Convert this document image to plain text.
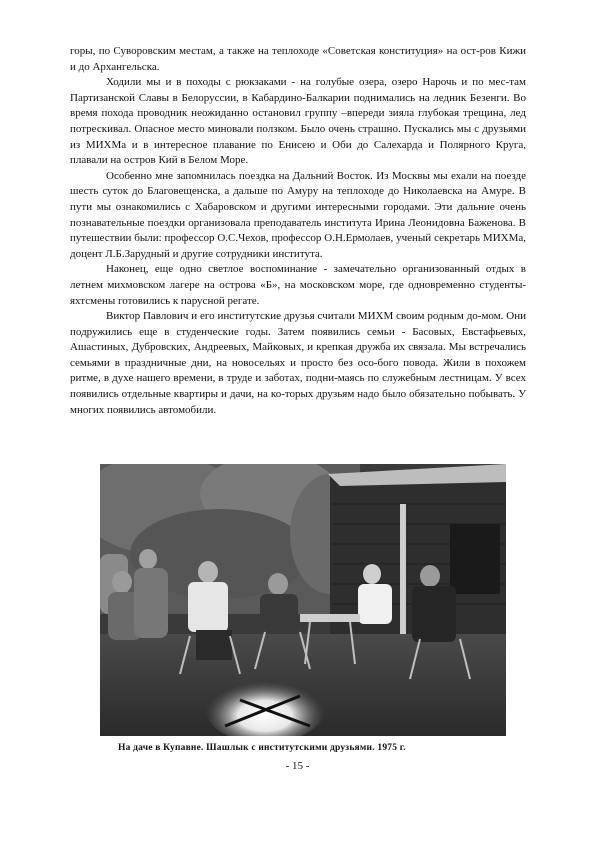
горы, по Суворовским местам, а также на теплоходе «Советская конституция» на ост-ров Кижи и до Архангельска.

Ходили мы и в походы с рюкзаками - на голубые озера, озеро Нарочь и по мес-там Партизанской Славы в Белоруссии, в Кабардино-Балкарии поднимались на ледник Безенги. Во время похода проводник неожиданно остановил группу –впереди зияла глубокая трещина, лед потрескивал. Опасное место миновали ползком. Было очень страшно. Пускались мы с друзьями из МИХМа и в интересное плавание по Енисею и Оби до Салехарда и Полярного Круга, плавали на остров Кий в Белом Море.

Особенно мне запомнилась поездка на Дальний Восток. Из Москвы мы ехали на поезде шесть суток до Благовещенска, а дальше по Амуру на теплоходе до Николаевска на Амуре. В пути мы ознакомились с Хабаровском и другими интересными городами. Эти дальние очень познавательные поездки организовала преподаватель института Ирина Леонидовна Баженова. В путешествии были: профессор О.С.Чехов, профессор О.Н.Ермолаев, ученый секретарь МИХМа, доцент Л.Б.Зарудный и другие сотрудники института.

Наконец, еще одно светлое воспоминание - замечательно организованный отдых в летнем михмовском лагере на острова «Б», на московском море, где одновременно студенты-яхтсмены готовились к парусной регате.

Виктор Павлович и его институтские друзья считали МИХМ своим родным до-мом. Они подружились еще в студенческие годы. Затем появились семьи - Басовых, Евстафьевых, Ашастиных, Дубровских, Андреевых, Майковых, и крепкая дружба их связала. Мы встречались семьями в праздничные дни, на новосельях и просто без осо-бого повода. Жили в похожем ритме, в духе нашего времени, в труде и заботах, подни-маясь по служебным лестницам. У всех появились отдельные квартиры и дачи, на ко-торых друзьям надо было обязательно побывать. У многих появились автомобили.

На даче в Купавне. Шашлык с институтскими друзьями. 1975 г.
- 15 -
